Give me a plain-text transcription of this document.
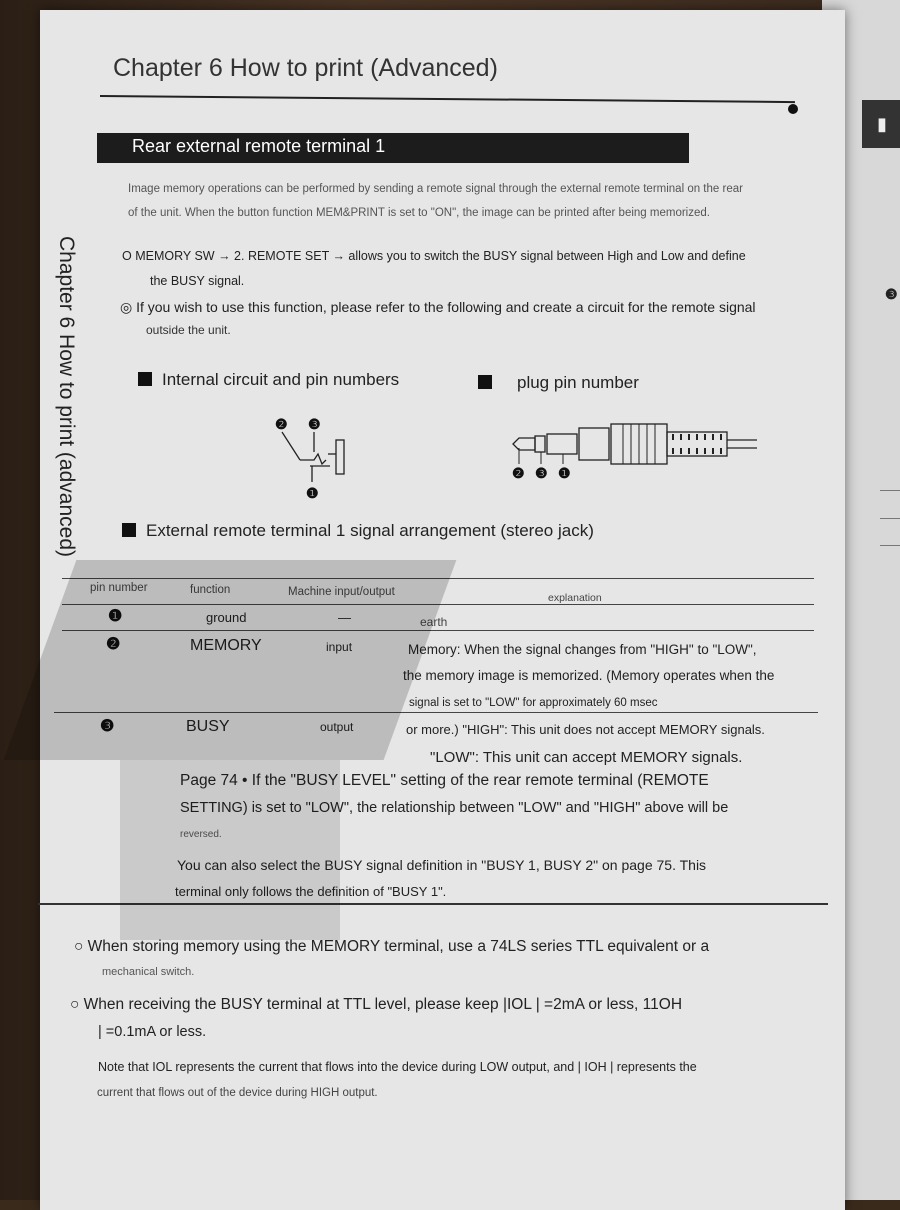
▮
❸
Chapter 6 How to print (Advanced)
Chapter 6 How to print (advanced)
Rear external remote terminal 1
Image memory operations can be performed by sending a remote signal through the external remote terminal on the rear
of the unit. When the button function MEM&PRINT is set to "ON", the image can be printed after being memorized.
O MEMORY SW → 2. REMOTE SET → allows you to switch the BUSY signal between High and Low and define
the BUSY signal.
◎ If you wish to use this function, please refer to the following and create a circuit for the remote signal
outside the unit.
Internal circuit and pin numbers	plug pin number
❷ ❸
❶
❷ ❸ ❶
External remote terminal 1 signal arrangement (stereo jack)
pin number	function	Machine input/output	explanation
❶	ground	—	earth
❷	MEMORY	input	Memory: When the signal changes from "HIGH" to "LOW",
the memory image is memorized. (Memory operates when the
signal is set to "LOW" for approximately 60 msec
❸	BUSY	output	or more.) "HIGH": This unit does not accept MEMORY signals.
"LOW": This unit can accept MEMORY signals.
Page 74 • If the "BUSY LEVEL" setting of the rear remote terminal (REMOTE
SETTING) is set to "LOW", the relationship between "LOW" and "HIGH" above will be
reversed.
You can also select the BUSY signal definition in "BUSY 1, BUSY 2" on page 75. This
terminal only follows the definition of "BUSY 1".
○ When storing memory using the MEMORY terminal, use a 74LS series TTL equivalent or a
mechanical switch.
○ When receiving the BUSY terminal at TTL level, please keep |IOL | =2mA or less, 11OH
| =0.1mA or less.
Note that IOL represents the current that flows into the device during LOW output, and | IOH | represents the
current that flows out of the device during HIGH output.
